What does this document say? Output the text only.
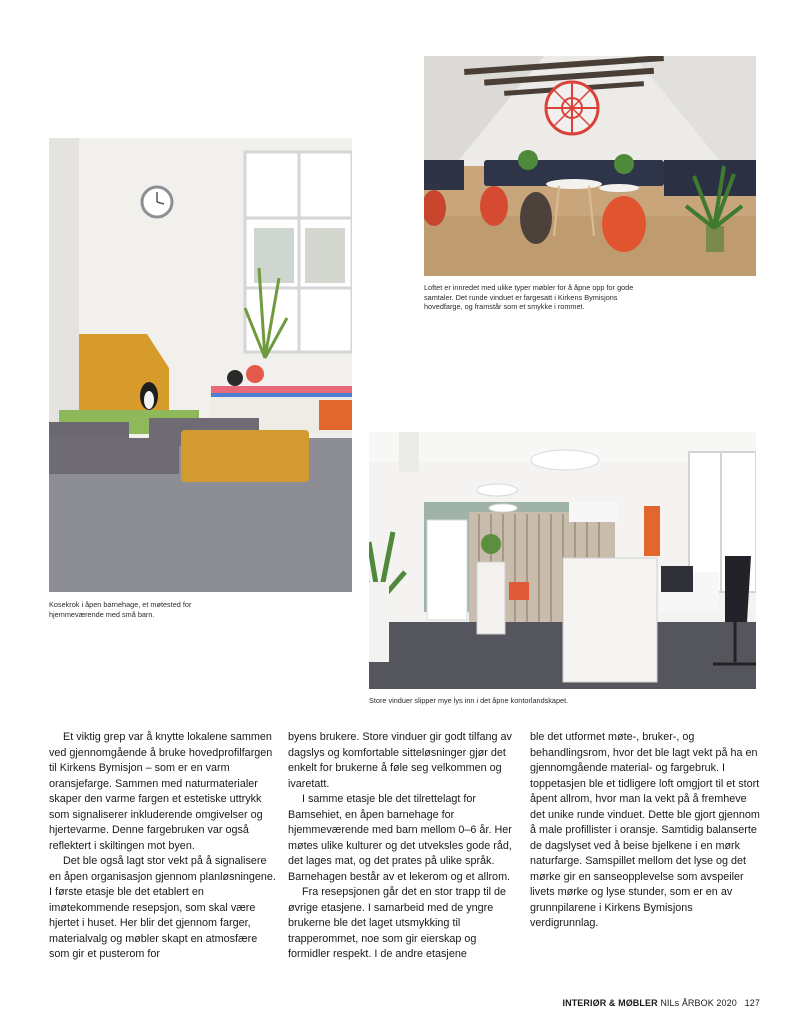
Loftet er innredet med ulike typer møbler for å åpne opp for gode samtaler. Det runde vinduet er fargesatt i Kirkens Bymisjons hovedfarge, og framstår som et smykke i rommet.
Kosekrok i åpen barnehage, et møtested for hjemmeværende med små barn.
Store vinduer slipper mye lys inn i det åpne kontorlandskapet.

Et viktig grep var å knytte lokalene sammen ved gjennomgående å bruke hovedprofilfargen til Kirkens Bymisjon – som er en varm oransjefarge. Sammen med naturmaterialer skaper den varme fargen et estetiske uttrykk som signaliserer inkluderende omgivelser og hjertevarme. Denne fargebruken var også reflektert i skiltingen mot byen.

Det ble også lagt stor vekt på å signalisere en åpen organisasjon gjennom planløsningene. I første etasje ble det etablert en imøtekommende resepsjon, som skal være hjertet i huset. Her blir det gjennom farger, materialvalg og møbler skapt en atmosfære som gir et pusterom for

byens brukere. Store vinduer gir godt tilfang av dagslys og komfortable sitteløsninger gjør det enkelt for brukerne å føle seg velkommen og ivaretatt.

I samme etasje ble det tilrettelagt for Bamsehiet, en åpen barnehage for hjemmeværende med barn mellom 0–6 år. Her møtes ulike kulturer og det utveksles gode råd, det lages mat, og det prates på ulike språk. Barnehagen består av et lekerom og et allrom.

Fra resepsjonen går det en stor trapp til de øvrige etasjene. I samarbeid med de yngre brukerne ble det laget utsmykking til trapperommet, noe som gir eierskap og formidler respekt. I de andre etasjene

ble det utformet møte-, bruker-, og behandlingsrom, hvor det ble lagt vekt på ha en gjennomgående material- og fargebruk. I toppetasjen ble et tidligere loft omgjort til et stort åpent allrom, hvor man la vekt på å fremheve det unike runde vinduet. Dette ble gjort gjennom å male profillister i oransje. Samtidig balanserte de dagslyset ved å beise bjelkene i en mørk naturfarge. Samspillet mellom det lyse og det mørke gir en sanseopplevelse som avspeiler livets mørke og lyse stunder, som er en av grunnpilarene i Kirkens Bymisjons verdigrunnlag.

INTERIØR & MØBLER NILs ÅRBOK 2020 127
